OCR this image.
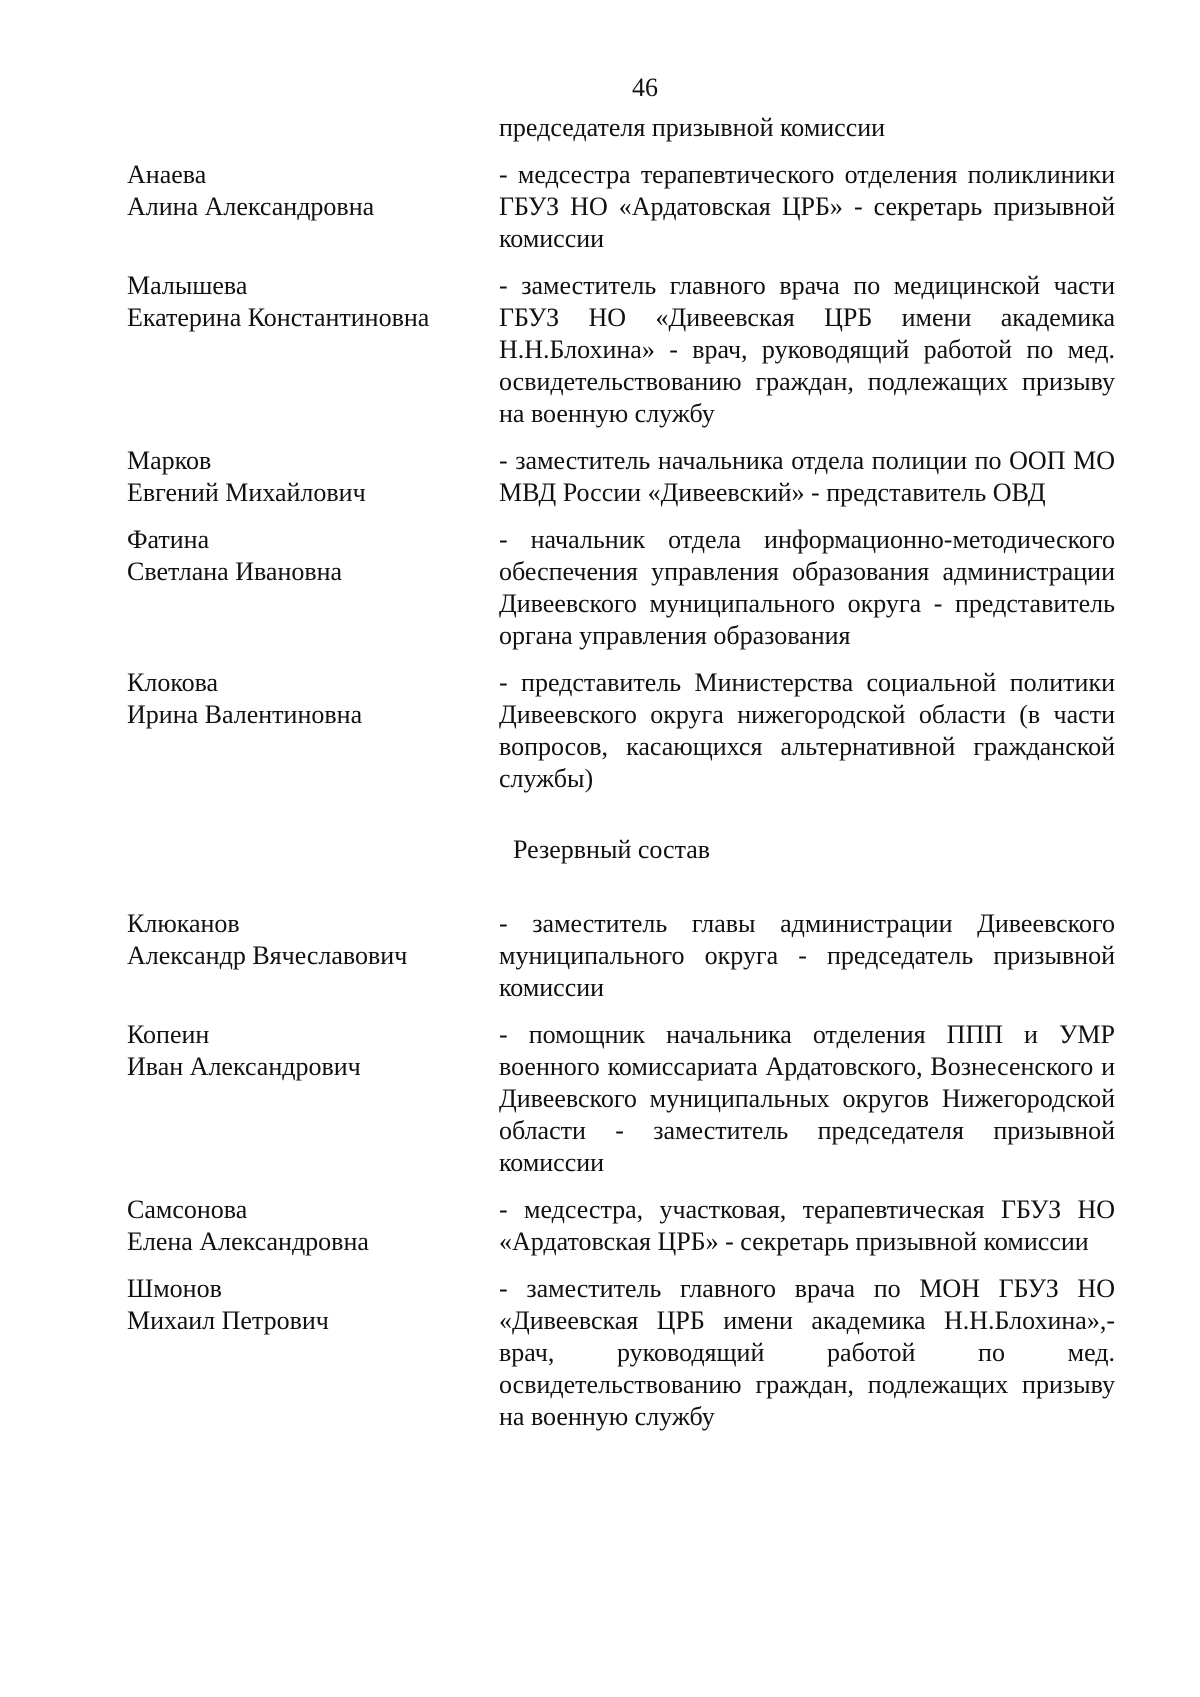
46
председателя призывной комиссии
Анаева
Алина Александровна
- медсестра терапевтического отделения поликлиники ГБУЗ НО «Ардатовская ЦРБ» - секретарь призывной комиссии
Малышева
Екатерина Константиновна
- заместитель главного врача по медицинской части ГБУЗ НО «Дивеевская ЦРБ имени академика Н.Н.Блохина» - врач, руководящий работой по мед. освидетельствованию граждан, подлежащих призыву на военную службу
Марков
Евгений Михайлович
- заместитель начальника отдела полиции по ООП МО МВД России «Дивеевский» - представитель ОВД
Фатина
Светлана Ивановна
- начальник отдела информационно-методического обеспечения управления образования администрации Дивеевского муниципального округа - представитель органа управления образования
Клокова
Ирина Валентиновна
- представитель Министерства социальной политики Дивеевского округа нижегородской области (в части вопросов, касающихся альтернативной гражданской службы)
Резервный состав
Клюканов
Александр Вячеславович
- заместитель главы администрации Дивеевского муниципального округа - председатель призывной комиссии
Копеин
Иван Александрович
- помощник начальника отделения ППП и УМР военного комиссариата Ардатовского, Вознесенского и Дивеевского муниципальных округов Нижегородской области - заместитель председателя призывной комиссии
Самсонова
Елена Александровна
- медсестра, участковая, терапевтическая ГБУЗ НО «Ардатовская ЦРБ» - секретарь призывной комиссии
Шмонов
Михаил Петрович
- заместитель главного врача по МОН ГБУЗ НО «Дивеевская ЦРБ имени академика Н.Н.Блохина»,- врач, руководящий работой по мед. освидетельствованию граждан, подлежащих призыву на военную службу
